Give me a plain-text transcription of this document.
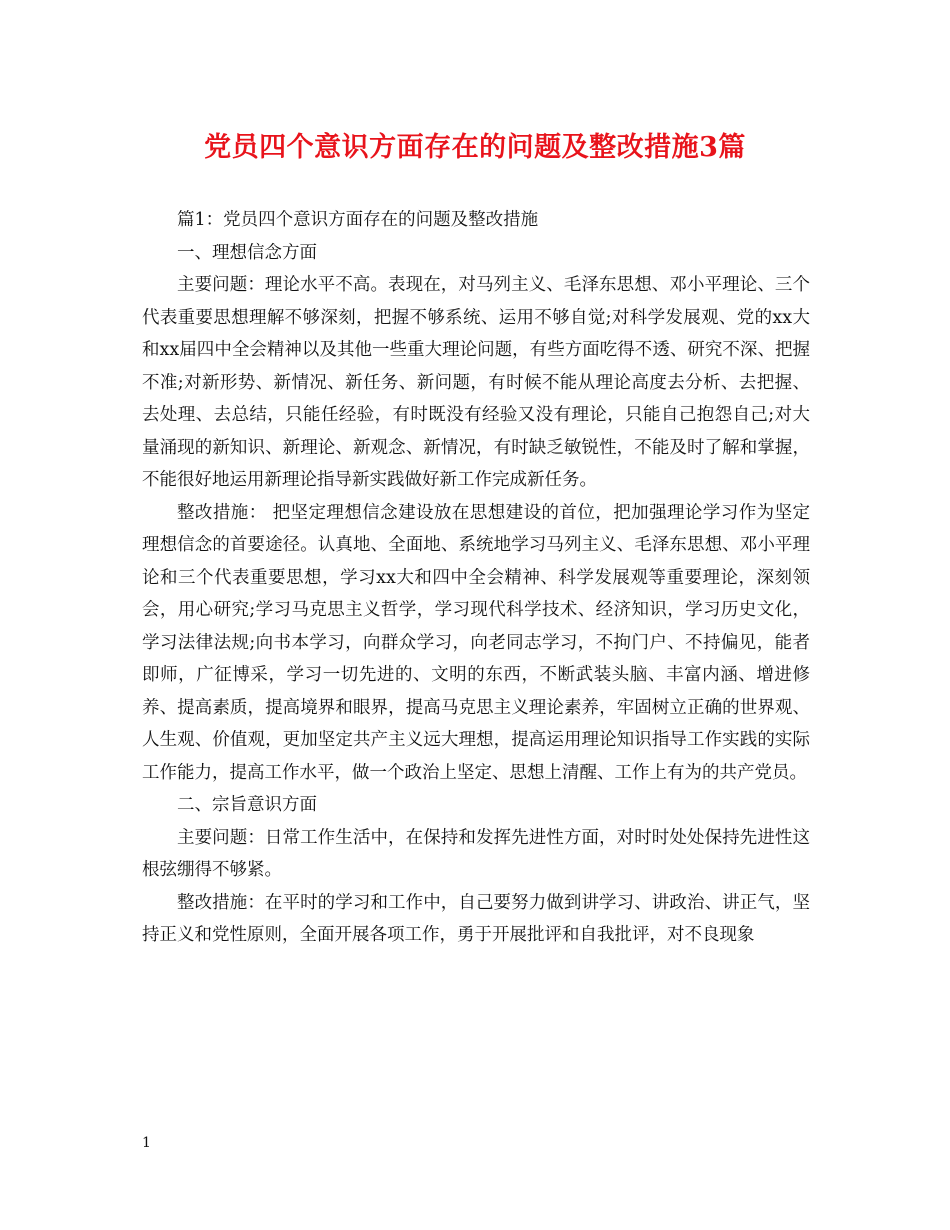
党员四个意识方面存在的问题及整改措施3篇

篇1：党员四个意识方面存在的问题及整改措施

一、理想信念方面

主要问题：理论水平不高。表现在，对马列主义、毛泽东思想、邓小平理论、三个代表重要思想理解不够深刻，把握不够系统、运用不够自觉;对科学发展观、党的xx大和xx届四中全会精神以及其他一些重大理论问题，有些方面吃得不透、研究不深、把握不准;对新形势、新情况、新任务、新问题，有时候不能从理论高度去分析、去把握、去处理、去总结，只能任经验，有时既没有经验又没有理论，只能自己抱怨自己;对大量涌现的新知识、新理论、新观念、新情况，有时缺乏敏锐性，不能及时了解和掌握，不能很好地运用新理论指导新实践做好新工作完成新任务。

整改措施： 把坚定理想信念建设放在思想建设的首位，把加强理论学习作为坚定理想信念的首要途径。认真地、全面地、系统地学习马列主义、毛泽东思想、邓小平理论和三个代表重要思想，学习xx大和四中全会精神、科学发展观等重要理论，深刻领会，用心研究;学习马克思主义哲学，学习现代科学技术、经济知识，学习历史文化，学习法律法规;向书本学习，向群众学习，向老同志学习，不拘门户、不持偏见，能者即师，广征博采，学习一切先进的、文明的东西，不断武装头脑、丰富内涵、增进修养、提高素质，提高境界和眼界，提高马克思主义理论素养，牢固树立正确的世界观、人生观、价值观，更加坚定共产主义远大理想，提高运用理论知识指导工作实践的实际工作能力，提高工作水平，做一个政治上坚定、思想上清醒、工作上有为的共产党员。

二、宗旨意识方面

主要问题：日常工作生活中，在保持和发挥先进性方面，对时时处处保持先进性这根弦绷得不够紧。

整改措施：在平时的学习和工作中，自己要努力做到讲学习、讲政治、讲正气，坚持正义和党性原则，全面开展各项工作，勇于开展批评和自我批评，对不良现象

1
